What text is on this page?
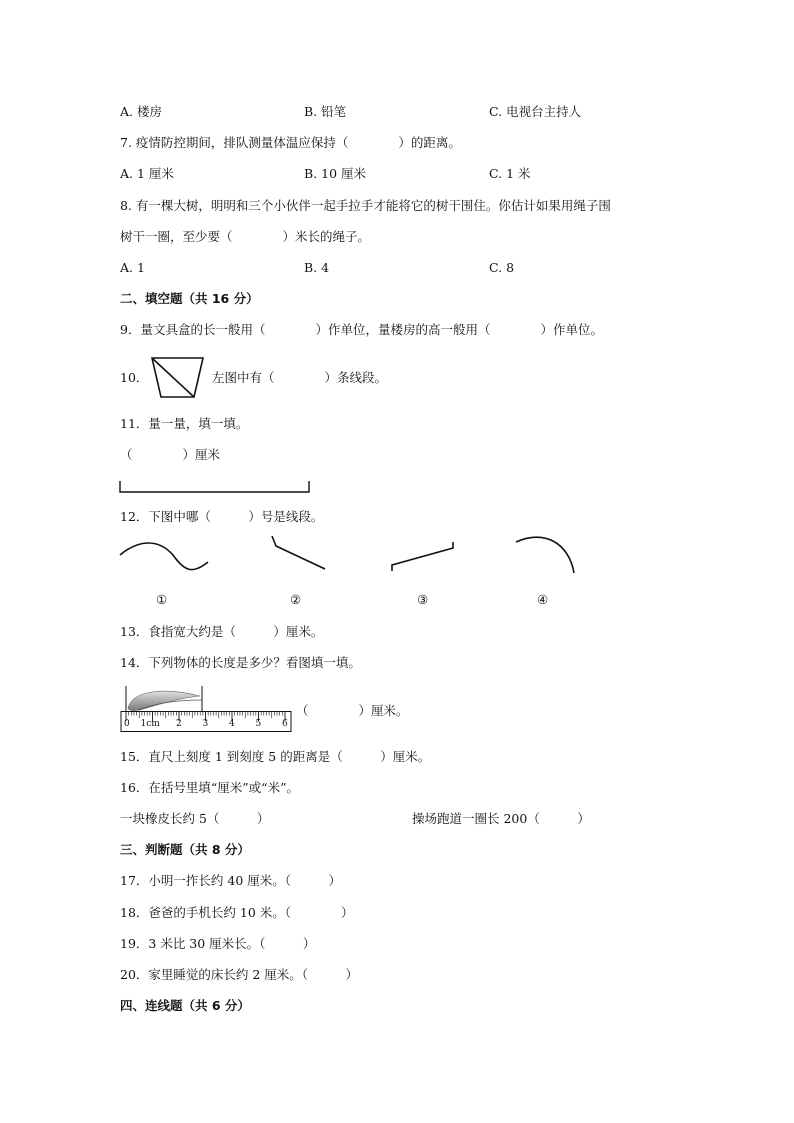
A. 楼房	B. 铅笔	C. 电视台主持人
7. 疫情防控期间，排队测量体温应保持（　　　　）的距离。
A. 1 厘米	B. 10 厘米	C. 1 米
8. 有一棵大树，明明和三个小伙伴一起手拉手才能将它的树干围住。你估计如果用绳子围
树干一圈，至少要（　　　　）米长的绳子。
A. 1	B. 4	C. 8
二、填空题（共 16 分）
9．量文具盒的长一般用（　　　　）作单位，量楼房的高一般用（　　　　）作单位。
10．	左图中有（　　　　）条线段。
11．量一量，填一填。
（　　　　）厘米
12．下图中哪（　　　）号是线段。
①	②	③	④
13．食指宽大约是（　　　）厘米。
14．下列物体的长度是多少？看图填一填。
0 1cm 2 3 4 5 6
（　　　　）厘米。
15．直尺上刻度 1 到刻度 5 的距离是（　　　）厘米。
16．在括号里填“厘米”或“米”。
一块橡皮长约 5（　　　）	操场跑道一圈长 200（　　　）
三、判断题（共 8 分）
17．小明一拃长约 40 厘米。（　　　）
18．爸爸的手机长约 10 米。（　　　　）
19．3 米比 30 厘米长。（　　　）
20．家里睡觉的床长约 2 厘米。（　　　）
四、连线题（共 6 分）
